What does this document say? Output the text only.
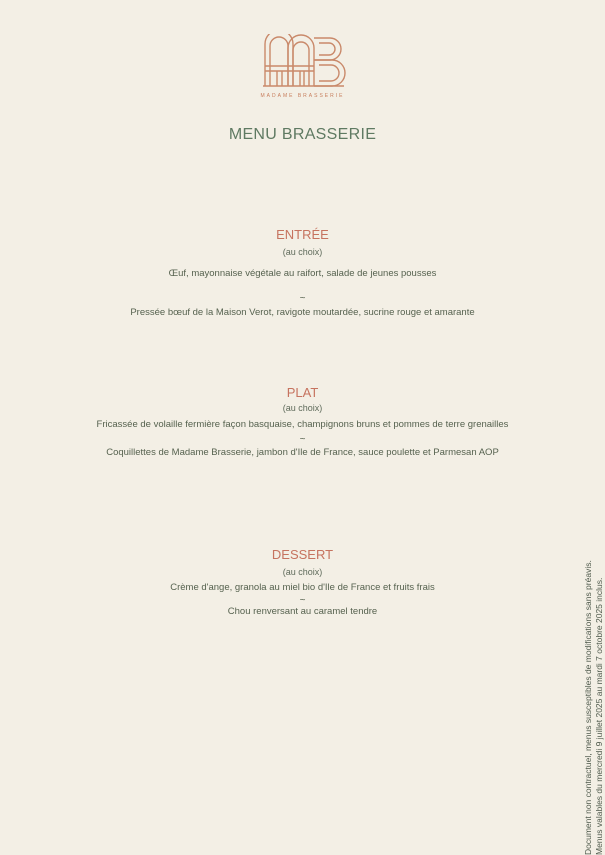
MADAME BRASSERIE
MENU BRASSERIE
ENTRÉE
(au choix)
Œuf, mayonnaise végétale au raifort, salade de jeunes pousses
~
Pressée bœuf de la Maison Verot, ravigote moutardée, sucrine rouge et amarante
PLAT
(au choix)
Fricassée de volaille fermière façon basquaise, champignons bruns et pommes de terre grenailles
~
Coquillettes de Madame Brasserie, jambon d'Ile de France, sauce poulette et Parmesan AOP
DESSERT
(au choix)
Crème d'ange, granola au miel bio d'Ile de France et fruits frais
~
Chou renversant au caramel tendre	Document non contractuel, menus susceptibles de modifications sans préavis. Menus valables du mercredi 9 juillet 2025 au mardi 7 octobre 2025 inclus.
